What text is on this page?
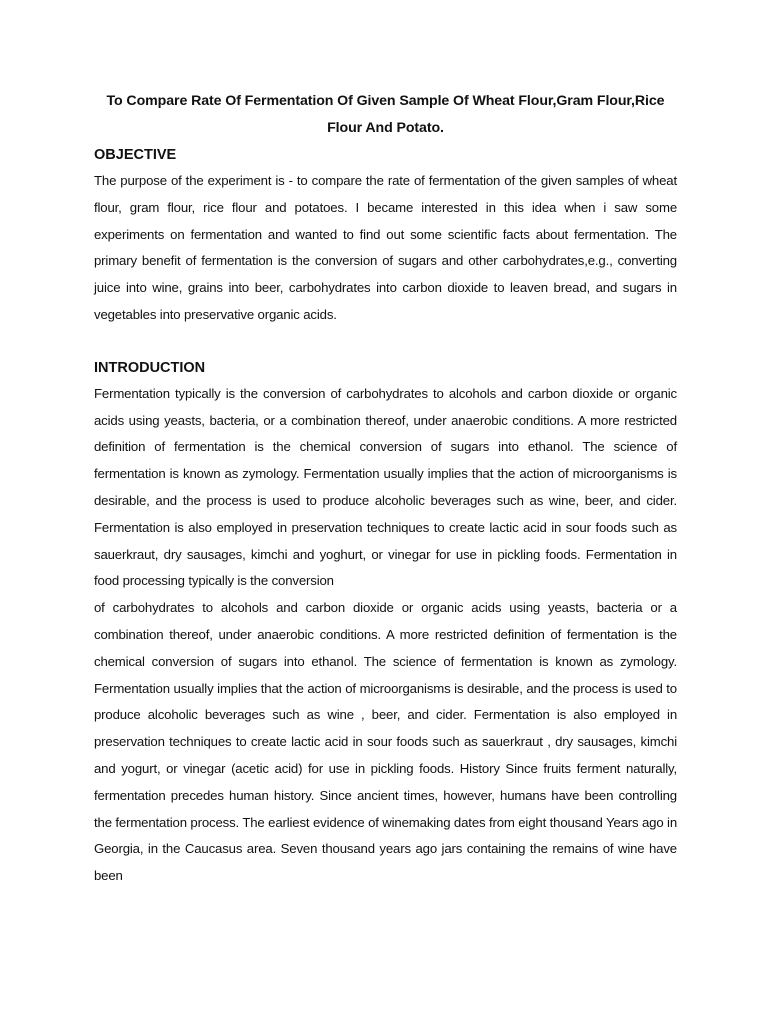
To Compare Rate Of Fermentation Of Given Sample Of Wheat Flour,Gram Flour,Rice Flour And Potato.
OBJECTIVE

The purpose of the experiment is - to compare the rate of fermentation of the given samples of wheat flour, gram flour, rice flour and potatoes. I became interested in this idea when i saw some experiments on fermentation and wanted to find out some scientific facts about fermentation. The primary benefit of fermentation is the conversion of sugars and other carbohydrates,e.g., converting juice into wine, grains into beer, carbohydrates into carbon dioxide to leaven bread, and sugars in vegetables into preservative organic acids.

INTRODUCTION

Fermentation typically is the conversion of carbohydrates to alcohols and carbon dioxide or organic acids using yeasts, bacteria, or a combination thereof, under anaerobic conditions. A more restricted definition of fermentation is the chemical conversion of sugars into ethanol. The science of fermentation is known as zymology. Fermentation usually implies that the action of microorganisms is desirable, and the process is used to produce alcoholic beverages such as wine, beer, and cider. Fermentation is also employed in preservation techniques to create lactic acid in sour foods such as sauerkraut, dry sausages, kimchi and yoghurt, or vinegar for use in pickling foods. Fermentation in food processing typically is the conversion

of carbohydrates to alcohols and carbon dioxide or organic acids using yeasts, bacteria or a combination thereof, under anaerobic conditions. A more restricted definition of fermentation is the chemical conversion of sugars into ethanol. The science of fermentation is known as zymology. Fermentation usually implies that the action of microorganisms is desirable, and the process is used to produce alcoholic beverages such as wine , beer, and cider. Fermentation is also employed in preservation techniques to create lactic acid in sour foods such as sauerkraut , dry sausages, kimchi and yogurt, or vinegar (acetic acid) for use in pickling foods. History Since fruits ferment naturally, fermentation precedes human history. Since ancient times, however, humans have been controlling the fermentation process. The earliest evidence of winemaking dates from eight thousand Years ago in Georgia, in the Caucasus area. Seven thousand years ago jars containing the remains of wine have been
